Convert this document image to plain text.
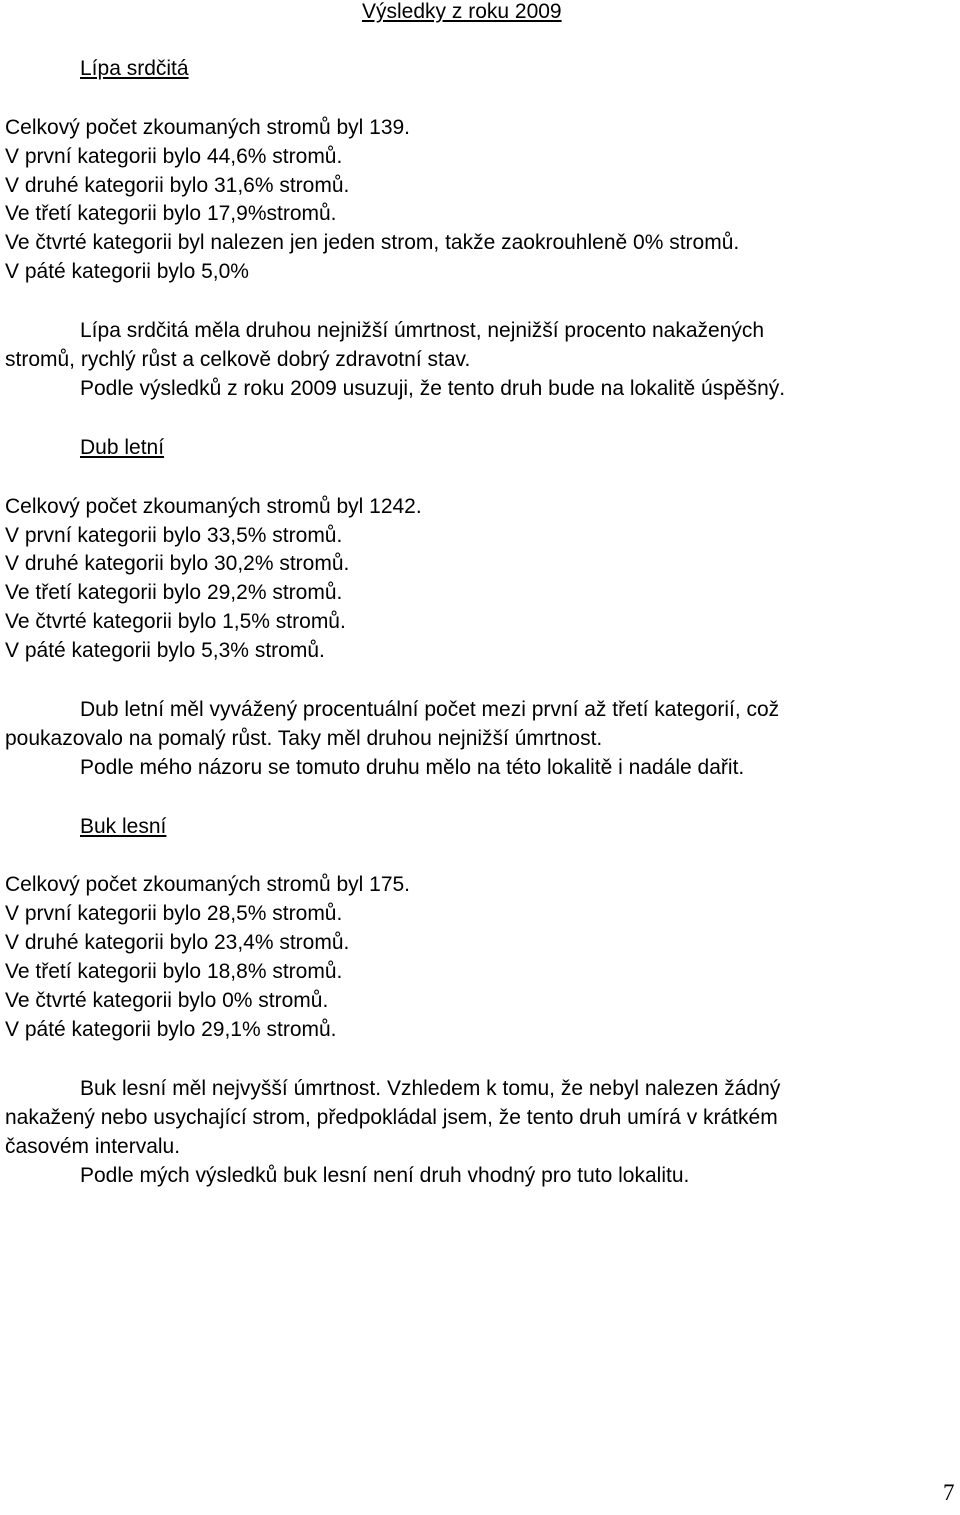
Výsledky z roku 2009
Lípa srdčitá
Celkový počet zkoumaných stromů byl 139.
V první kategorii bylo 44,6% stromů.
V druhé kategorii bylo 31,6% stromů.
Ve třetí kategorii bylo 17,9%stromů.
Ve čtvrté kategorii byl nalezen jen jeden strom, takže zaokrouhleně 0% stromů.
V páté kategorii bylo 5,0%
Lípa srdčitá měla druhou nejnižší úmrtnost, nejnižší procento nakažených
stromů, rychlý růst a celkově dobrý zdravotní stav.
Podle výsledků z roku 2009 usuzuji, že tento druh bude na lokalitě úspěšný.
Dub letní
Celkový počet zkoumaných stromů byl 1242.
V první kategorii bylo 33,5% stromů.
V druhé kategorii bylo 30,2% stromů.
Ve třetí kategorii bylo 29,2% stromů.
Ve čtvrté kategorii bylo 1,5% stromů.
V páté kategorii bylo 5,3% stromů.
Dub letní měl vyvážený procentuální počet mezi první až třetí kategorií, což
poukazovalo na pomalý růst. Taky měl druhou nejnižší úmrtnost.
Podle mého názoru se tomuto druhu mělo na této lokalitě i nadále dařit.
Buk lesní
Celkový počet zkoumaných stromů byl 175.
V první kategorii bylo 28,5% stromů.
V druhé kategorii bylo 23,4% stromů.
Ve třetí kategorii bylo 18,8% stromů.
Ve čtvrté kategorii bylo 0% stromů.
V páté kategorii bylo 29,1% stromů.
Buk lesní měl nejvyšší úmrtnost. Vzhledem k tomu, že nebyl nalezen žádný
nakažený nebo usychající strom, předpokládal jsem, že tento druh umírá v krátkém
časovém intervalu.
Podle mých výsledků buk lesní není druh vhodný pro tuto lokalitu.
7
